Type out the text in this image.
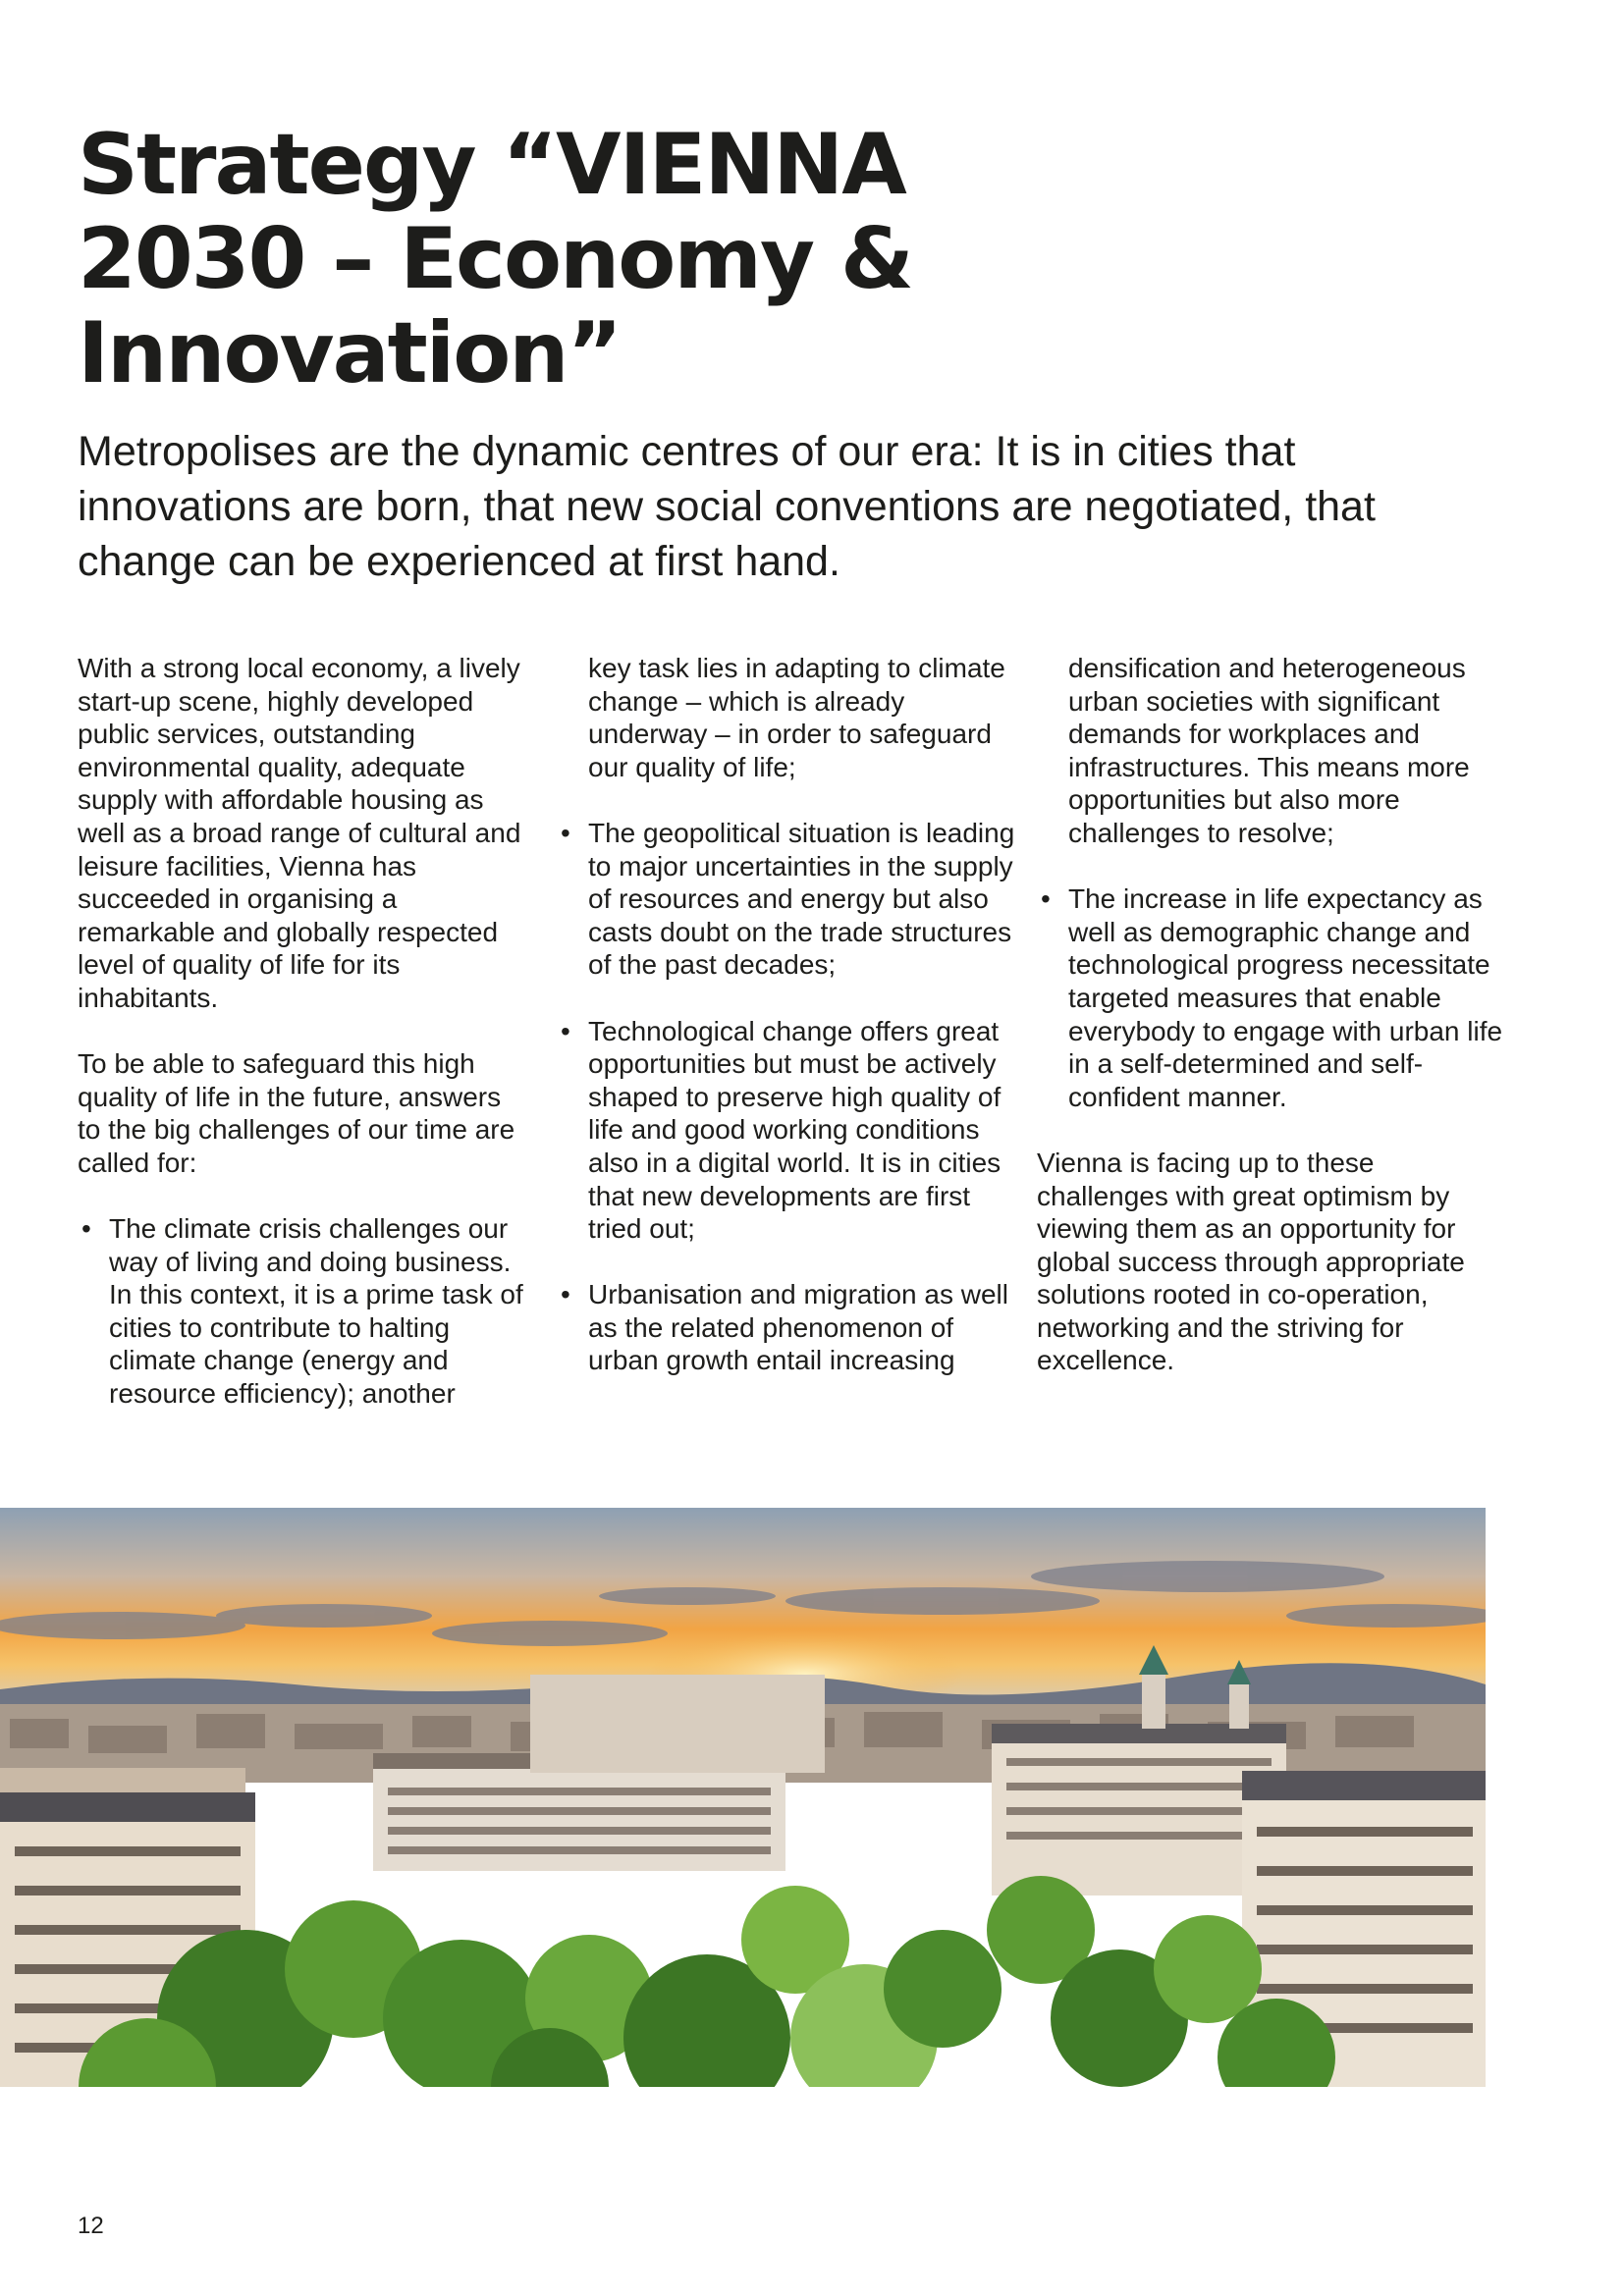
Strategy “VIENNA
2030 – Economy &
Innovation”

Metropolises are the dynamic centres of our era: It is in cities that innovations are born, that new social conventions are negotiated, that change can be experienced at first hand.

With a strong local economy, a lively start-up scene, highly developed public services, outstanding environmental quality, adequate supply with affordable housing as well as a broad range of cultural and leisure facilities, Vienna has succeeded in organising a remarkable and globally respected level of quality of life for its inhabitants.

To be able to safeguard this high quality of life in the future, answers to the big challenges of our time are called for:

• The climate crisis challenges our way of living and doing business. In this context, it is a prime task of cities to contribute to halting climate change (energy and resource efficiency); another

key task lies in adapting to climate change – which is already underway – in order to safeguard our quality of life;

• The geopolitical situation is leading to major uncertainties in the supply of resources and energy but also casts doubt on the trade structures of the past decades;
• Technological change offers great opportunities but must be actively shaped to preserve high quality of life and good working conditions also in a digital world. It is in cities that new developments are first tried out;
• Urbanisation and migration as well as the related phenomenon of urban growth entail increasing

densification and heterogeneous urban societies with significant demands for workplaces and infrastructures. This means more opportunities but also more challenges to resolve;

• The increase in life expectancy as well as demographic change and technological progress necessitate targeted measures that enable everybody to engage with urban life in a self-determined and self-confident manner.

Vienna is facing up to these challenges with great optimism by viewing them as an opportunity for global success through appropriate solutions rooted in co-operation, networking and the striving for excellence.

12
